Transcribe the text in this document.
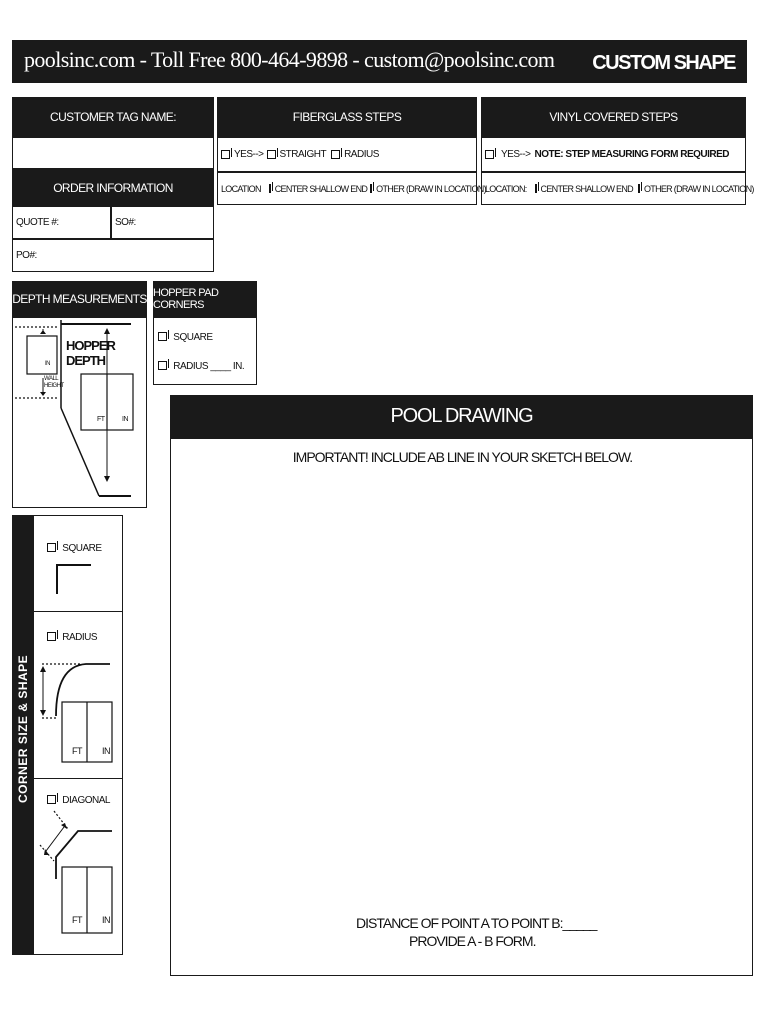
poolsinc.com - Toll Free 800-464-9898 - custom@poolsinc.com CUSTOM SHAPE
CUSTOMER TAG NAME:
ORDER INFORMATION
QUOTE #:	SO#:
PO#:
FIBERGLASS STEPS
YES--> STRAIGHT RADIUS
LOCATION CENTER SHALLOW END OTHER (DRAW IN LOCATION)
VINYL COVERED STEPS
YES--> NOTE: STEP MEASURING FORM REQUIRED
LOCATION: CENTER SHALLOW END OTHER (DRAW IN LOCATION)
DEPTH MEASUREMENTS
IN
WALL HEIGHT
HOPPER
DEPTH
FT IN
HOPPER PAD CORNERS
SQUARE
RADIUS ____ IN.
CORNER SIZE & SHAPE
SQUARE
RADIUS
FT IN
DIAGONAL
FT IN
POOL DRAWING
IMPORTANT! INCLUDE AB LINE IN YOUR SKETCH BELOW.
DISTANCE OF POINT A TO POINT B:_____
PROVIDE A - B FORM.
